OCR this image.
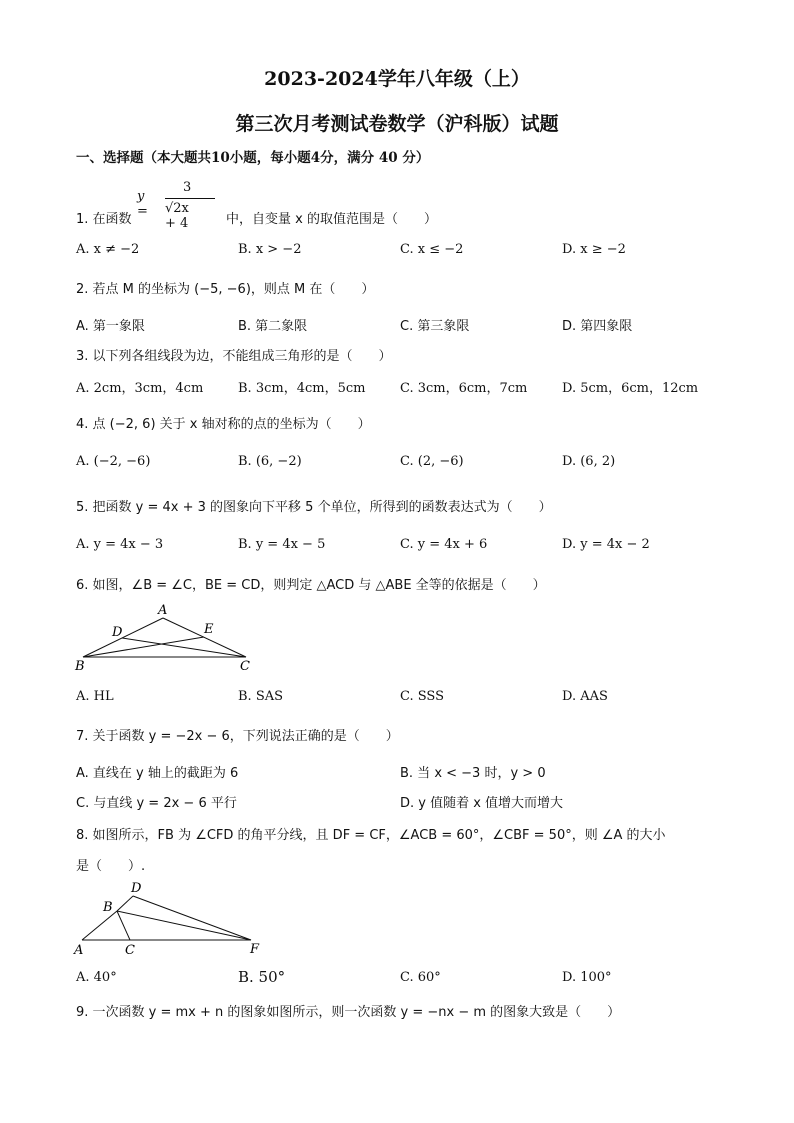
2023-2024学年八年级（上）
第三次月考测试卷数学（沪科版）试题
一、选择题（本大题共10小题，每小题4分，满分 40 分）
3
y = √2x + 4
1. 在函数	中，自变量 x 的取值范围是（　　）
A. x ≠ −2	B. x > −2	C. x ≤ −2	D. x ≥ −2
2. 若点 M 的坐标为 (−5, −6)，则点 M 在（　　）
A. 第一象限	B. 第二象限	C. 第三象限	D. 第四象限
3. 以下列各组线段为边，不能组成三角形的是（　　）
A. 2cm，3cm，4cm	B. 3cm，4cm，5cm	C. 3cm，6cm，7cm	D. 5cm，6cm，12cm
4. 点 (−2, 6) 关于 x 轴对称的点的坐标为（　　）
A. (−2, −6)	B. (6, −2)	C. (2, −6)	D. (6, 2)
5. 把函数 y = 4x + 3 的图象向下平移 5 个单位，所得到的函数表达式为（　　）
A. y = 4x − 3	B. y = 4x − 5	C. y = 4x + 6	D. y = 4x − 2
6. 如图，∠B = ∠C，BE = CD，则判定 △ACD 与 △ABE 全等的依据是（　　）
A
D	E
B	C
A. HL	B. SAS	C. SSS	D. AAS
7. 关于函数 y = −2x − 6，下列说法正确的是（　　）
A. 直线在 y 轴上的截距为 6	B. 当 x < −3 时，y > 0
C. 与直线 y = 2x − 6 平行	D. y 值随着 x 值增大而增大
8. 如图所示，FB 为 ∠CFD 的角平分线，且 DF = CF，∠ACB = 60°，∠CBF = 50°，则 ∠A 的大小
是（　　）.
D
B
A	C	F
A. 40°	B. 50°	C. 60°	D. 100°
9. 一次函数 y = mx + n 的图象如图所示，则一次函数 y = −nx − m 的图象大致是（　　）
